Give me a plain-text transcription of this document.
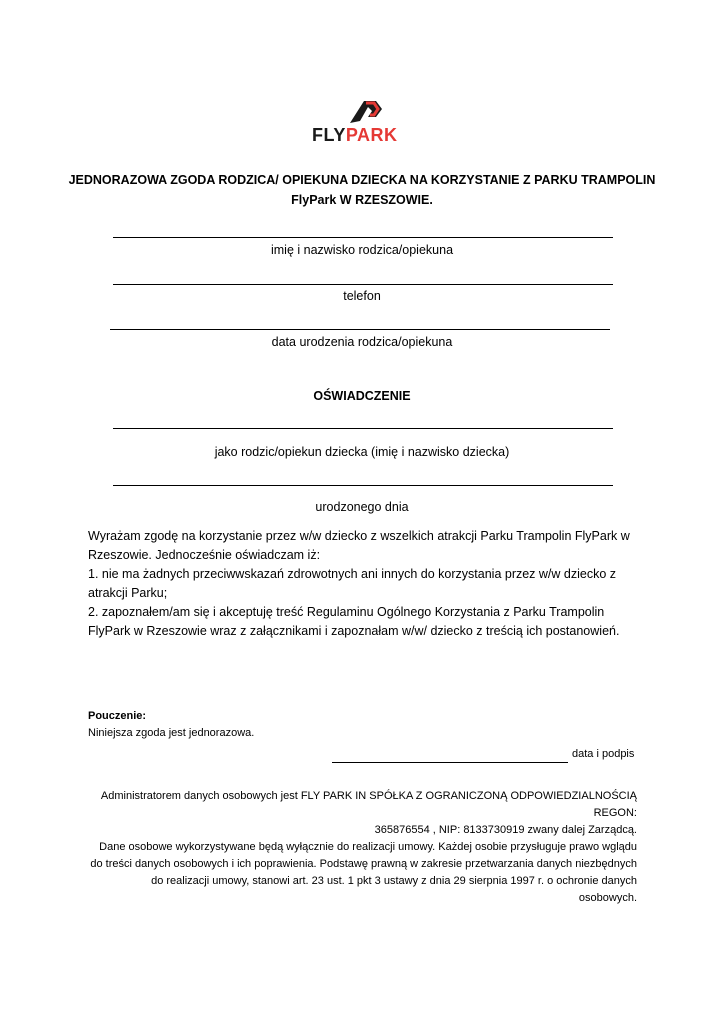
FLYPARK
JEDNORAZOWA ZGODA RODZICA/ OPIEKUNA DZIECKA NA KORZYSTANIE Z PARKU TRAMPOLIN
FlyPark W RZESZOWIE.
imię i nazwisko rodzica/opiekuna
telefon
data urodzenia rodzica/opiekuna
OŚWIADCZENIE
jako rodzic/opiekun dziecka (imię i nazwisko dziecka)
urodzonego dnia

Wyrażam zgodę na korzystanie przez w/w dziecko z wszelkich atrakcji Parku Trampolin FlyPark w Rzeszowie. Jednocześnie oświadczam iż:

1. nie ma żadnych przeciwwskazań zdrowotnych ani innych do korzystania przez w/w dziecko z atrakcji Parku;

2. zapoznałem/am się i akceptuję treść Regulaminu Ogólnego Korzystania z Parku Trampolin FlyPark w Rzeszowie wraz z załącznikami i zapoznałam w/w/ dziecko z treścią ich postanowień.

Pouczenie:
Niniejsza zgoda jest jednorazowa.
data i podpis

Administratorem danych osobowych jest FLY PARK IN SPÓŁKA Z OGRANICZONĄ ODPOWIEDZIALNOŚCIĄ REGON:

365876554 , NIP: 8133730919 zwany dalej Zarządcą.

Dane osobowe wykorzystywane będą wyłącznie do realizacji umowy. Każdej osobie przysługuje prawo wglądu

do treści danych osobowych i ich poprawienia. Podstawę prawną w zakresie przetwarzania danych niezbędnych

do realizacji umowy, stanowi art. 23 ust. 1 pkt 3 ustawy z dnia 29 sierpnia 1997 r. o ochronie danych

osobowych.
